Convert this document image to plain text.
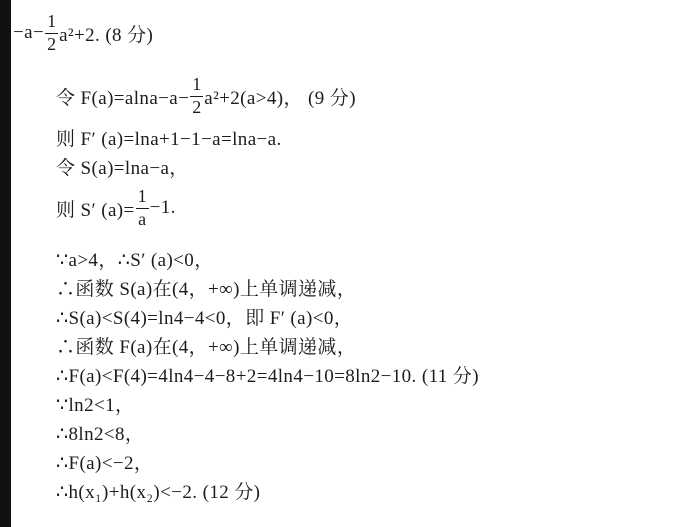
$-a- \frac{1}{2} a^2+2$. (8 分)
令 $F(a)=alna-a- \frac{1}{2} a^2+2(a>4)$， (9 分)
则 F′ (a)=lna+1−1−a=lna−a.
令 S(a)=lna−a，
则 S′ $(a)= \frac{1}{a} -1$.
∵a>4，∴S′ (a)<0，
∴函数 S(a)在(4，+∞)上单调递减，
∴S(a)<S(4)=ln4−4<0，即 F′ (a)<0，
∴函数 F(a)在(4，+∞)上单调递减，
∴F(a)<F(4)=4ln4−4−8+2=4ln4−10=8ln2−10. (11 分)
∵ln2<1，
∴8ln2<8，
∴F(a)<−2，
∴h(x₁)+h(x₂)<−2. (12 分)
